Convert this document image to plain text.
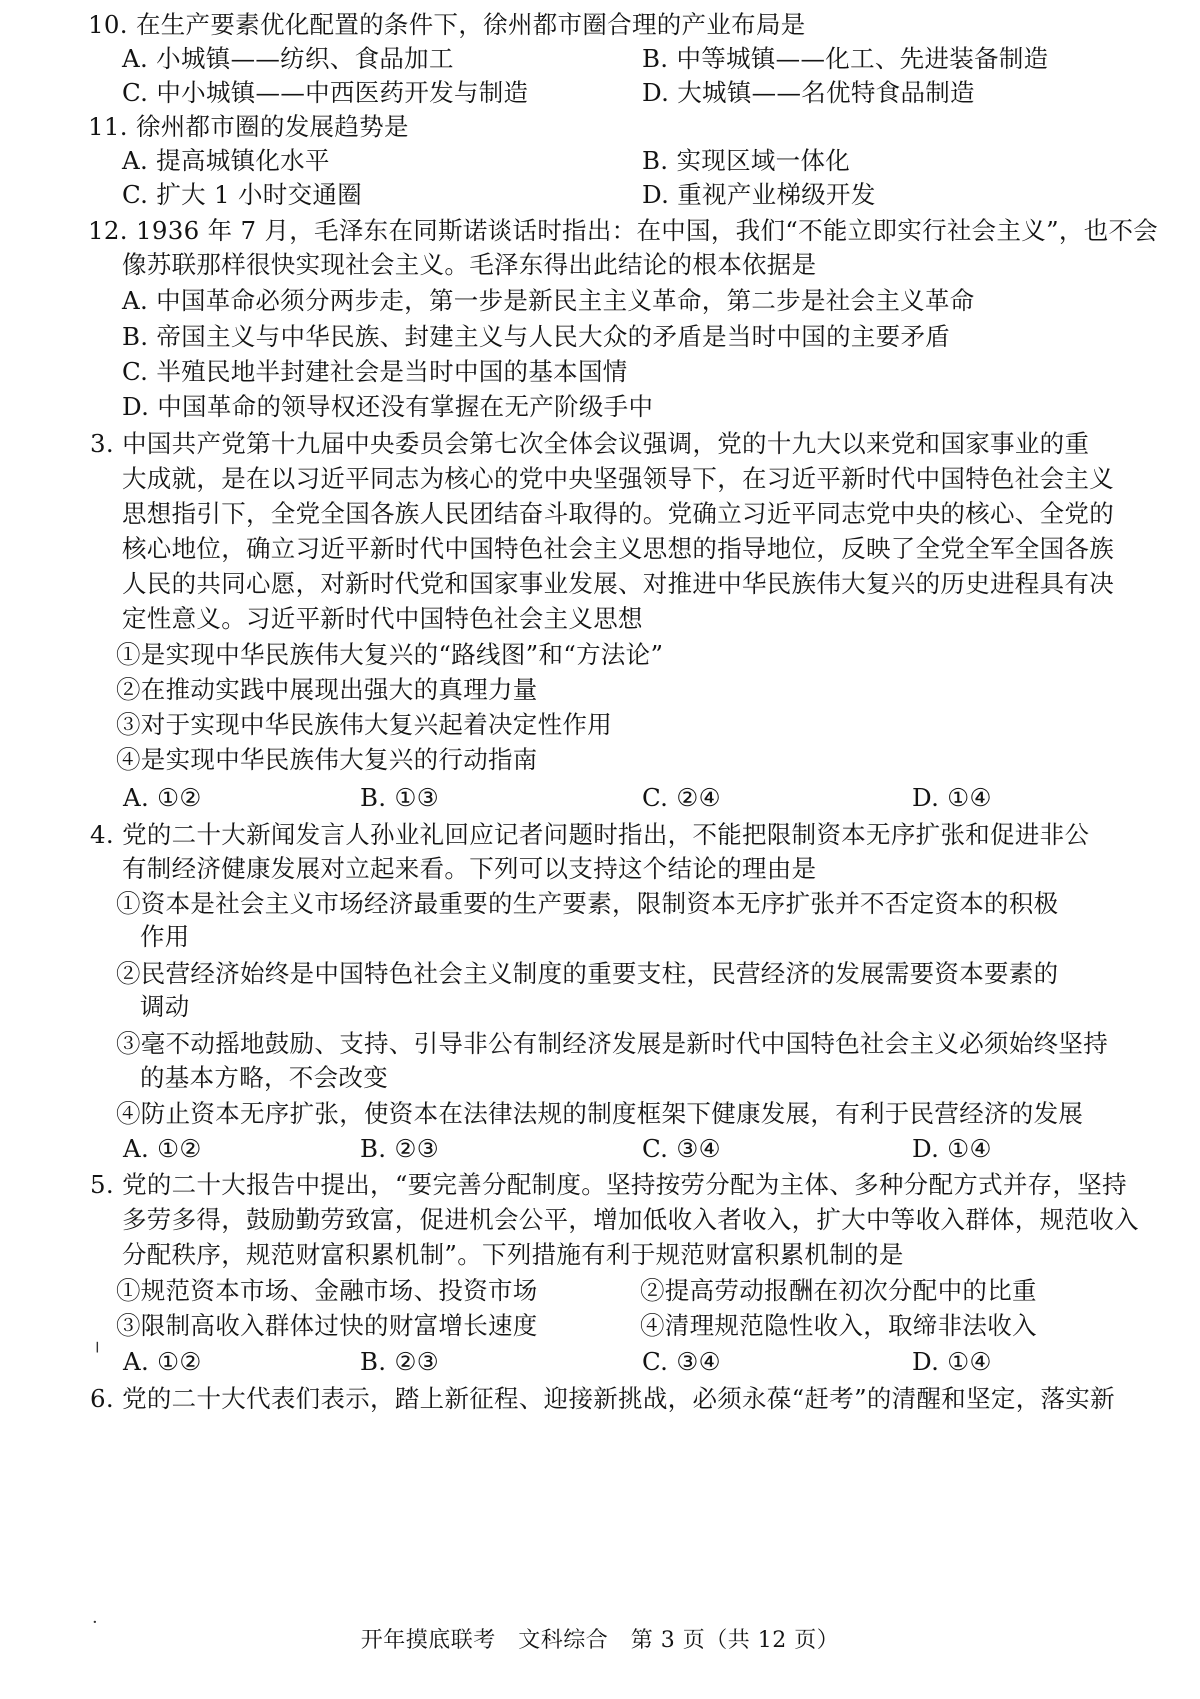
10. 在生产要素优化配置的条件下，徐州都市圈合理的产业布局是
A. 小城镇——纺织、食品加工	B. 中等城镇——化工、先进装备制造
C. 中小城镇——中西医药开发与制造	D. 大城镇——名优特食品制造
11. 徐州都市圈的发展趋势是
A. 提高城镇化水平	B. 实现区域一体化
C. 扩大 1 小时交通圈	D. 重视产业梯级开发
12. 1936 年 7 月，毛泽东在同斯诺谈话时指出：在中国，我们“不能立即实行社会主义”，也不会
像苏联那样很快实现社会主义。毛泽东得出此结论的根本依据是
A. 中国革命必须分两步走，第一步是新民主主义革命，第二步是社会主义革命
B. 帝国主义与中华民族、封建主义与人民大众的矛盾是当时中国的主要矛盾
C. 半殖民地半封建社会是当时中国的基本国情
D. 中国革命的领导权还没有掌握在无产阶级手中
3. 中国共产党第十九届中央委员会第七次全体会议强调，党的十九大以来党和国家事业的重
大成就，是在以习近平同志为核心的党中央坚强领导下，在习近平新时代中国特色社会主义
思想指引下，全党全国各族人民团结奋斗取得的。党确立习近平同志党中央的核心、全党的
核心地位，确立习近平新时代中国特色社会主义思想的指导地位，反映了全党全军全国各族
人民的共同心愿，对新时代党和国家事业发展、对推进中华民族伟大复兴的历史进程具有决
定性意义。习近平新时代中国特色社会主义思想
①是实现中华民族伟大复兴的“路线图”和“方法论”
②在推动实践中展现出强大的真理力量
③对于实现中华民族伟大复兴起着决定性作用
④是实现中华民族伟大复兴的行动指南
A. ①②	B. ①③	C. ②④	D. ①④
4. 党的二十大新闻发言人孙业礼回应记者问题时指出，不能把限制资本无序扩张和促进非公
有制经济健康发展对立起来看。下列可以支持这个结论的理由是
①资本是社会主义市场经济最重要的生产要素，限制资本无序扩张并不否定资本的积极
作用
②民营经济始终是中国特色社会主义制度的重要支柱，民营经济的发展需要资本要素的
调动
③毫不动摇地鼓励、支持、引导非公有制经济发展是新时代中国特色社会主义必须始终坚持
的基本方略，不会改变
④防止资本无序扩张，使资本在法律法规的制度框架下健康发展，有利于民营经济的发展
A. ①②	B. ②③	C. ③④	D. ①④
5. 党的二十大报告中提出，“要完善分配制度。坚持按劳分配为主体、多种分配方式并存，坚持
多劳多得，鼓励勤劳致富，促进机会公平，增加低收入者收入，扩大中等收入群体，规范收入
分配秩序，规范财富积累机制”。下列措施有利于规范财富积累机制的是
①规范资本市场、金融市场、投资市场	②提高劳动报酬在初次分配中的比重
③限制高收入群体过快的财富增长速度	④清理规范隐性收入，取缔非法收入
A. ①②	B. ②③	C. ③④	D. ①④
6. 党的二十大代表们表示，踏上新征程、迎接新挑战，必须永葆“赶考”的清醒和坚定，落实新
╷
·
开年摸底联考　文科综合　第 3 页（共 12 页）
